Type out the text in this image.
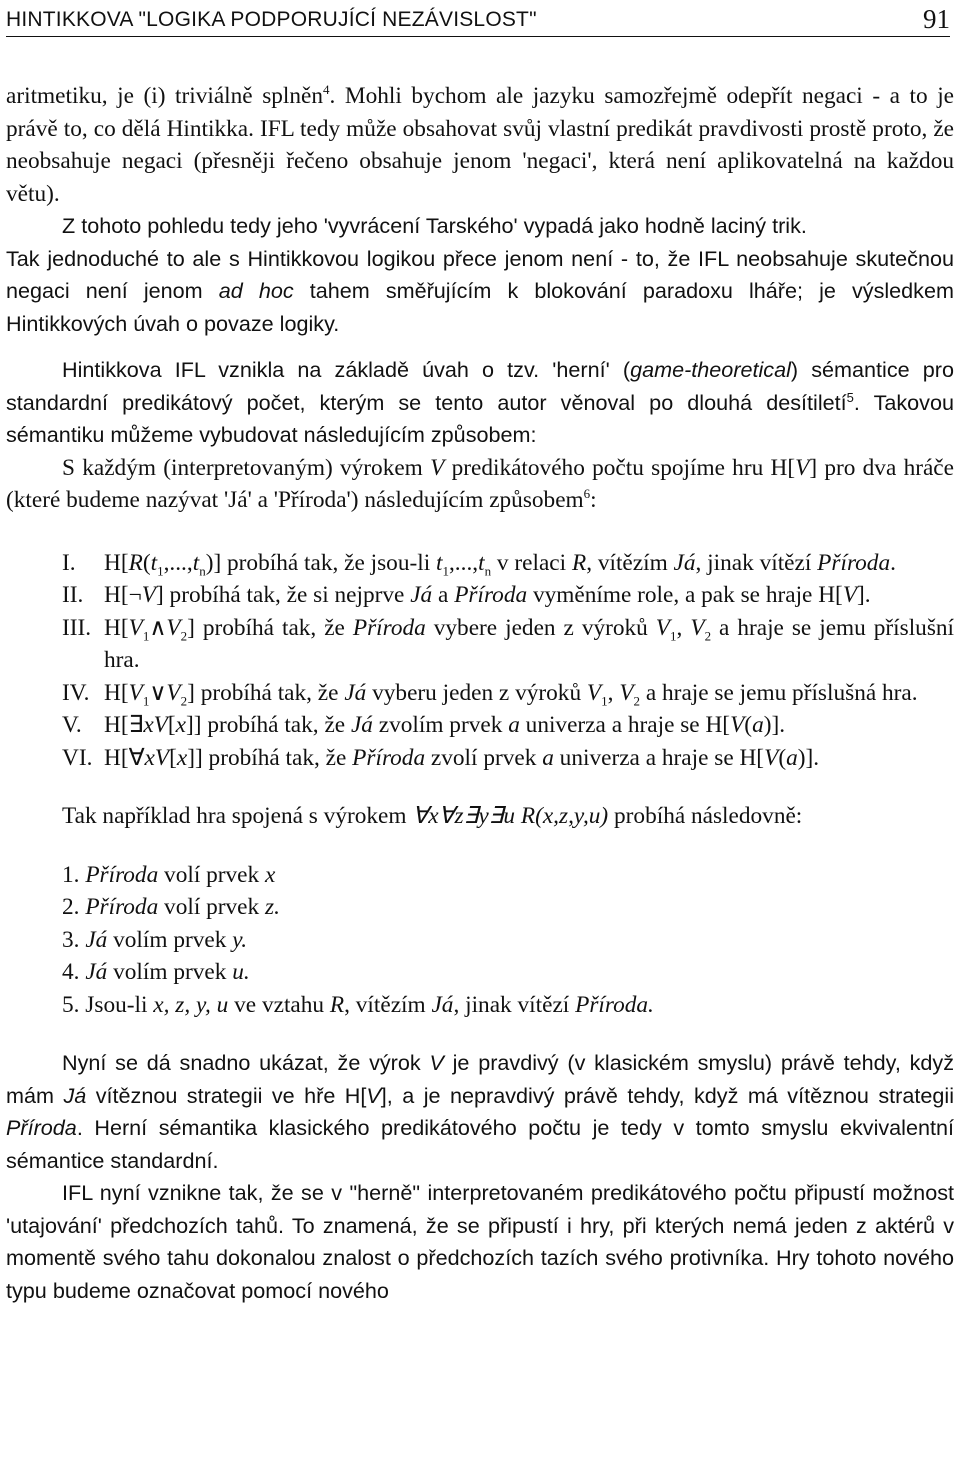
HINTIKKOVA "LOGIKA PODPORUJÍCÍ NEZÁVISLOST"	91

aritmetiku, je (i) triviálně splněn$^4$. Mohli bychom ale jazyku samozřejmě odepřít negaci - a to je právě to, co dělá Hintikka. IFL tedy může obsahovat svůj vlastní predikát pravdivosti prostě proto, že neobsahuje negaci (přesněji řečeno obsahuje jenom 'negaci', která není aplikovatelná na každou větu).

Z tohoto pohledu tedy jeho 'vyvrácení Tarského' vypadá jako hodně laciný trik.

Tak jednoduché to ale s Hintikkovou logikou přece jenom není - to, že IFL neobsahuje skutečnou negaci není jenom ad hoc tahem směřujícím k blokování paradoxu lháře; je výsledkem Hintikkových úvah o povaze logiky.

Hintikkova IFL vznikla na základě úvah o tzv. 'herní' (game-theoretical) sémantice pro standardní predikátový počet, kterým se tento autor věnoval po dlouhá desítiletí$^5$. Takovou sémantiku můžeme vybudovat následujícím způsobem:

S každým (interpretovaným) výrokem V predikátového počtu spojíme hru H[V] pro dva hráče (které budeme nazývat 'Já' a 'Příroda') následujícím způsobem$^6$:

I.	$H[R(t_1,...,t_n)]$ probíhá tak, že jsou-li $t_1,...,t_n$ v relaci R, vítězím Já, jinak vítězí Příroda.
II. H[¬V] probíhá tak, že si nejprve Já a Příroda vyměníme role, a pak se hraje H[V].
III. $H[V_1\wedge V_2]$ probíhá tak, že Příroda vybere jeden z výroků $V_1$, $V_2$ a hraje se jemu příslušní hra.
IV. $H[V_1\vee V_2]$ probíhá tak, že Já vyberu jeden z výroků $V_1$, $V_2$ a hraje se jemu příslušná hra.
V. H[∃xV[x]] probíhá tak, že Já zvolím prvek a univerza a hraje se H[V(a)].
VI. H[∀xV[x]] probíhá tak, že Příroda zvolí prvek a univerza a hraje se H[V(a)].

Tak například hra spojená s výrokem ∀x∀z∃y∃u R(x,z,y,u) probíhá následovně:

1. Příroda volí prvek x
2. Příroda volí prvek z.
3. Já volím prvek y.
4. Já volím prvek u.
5. Jsou-li x, z, y, u ve vztahu R, vítězím Já, jinak vítězí Příroda.

Nyní se dá snadno ukázat, že výrok V je pravdivý (v klasickém smyslu) právě tehdy, když mám Já vítěznou strategii ve hře H[V], a je nepravdivý právě tehdy, když má vítěznou strategii Příroda. Herní sémantika klasického predikátového počtu je tedy v tomto smyslu ekvivalentní sémantice standardní.

IFL nyní vznikne tak, že se v "herně" interpretovaném predikátového počtu připustí možnost 'utajování' předchozích tahů. To znamená, že se připustí i hry, při kterých nemá jeden z aktérů v momentě svého tahu dokonalou znalost o předchozích tazích svého protivníka. Hry tohoto nového typu budeme označovat pomocí nového
